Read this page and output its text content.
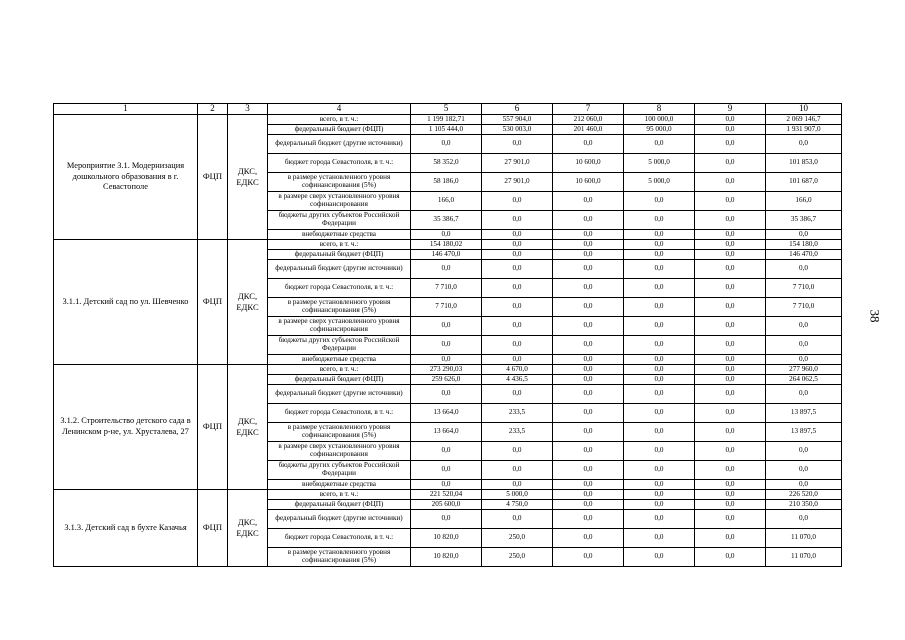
1	2	3	4	5	6	7	8	9	10
Мероприятие 3.1. Модернизация дошкольного образования в г. Севастополе	ФЦП	ДКС, ЕДКС	всего, в т. ч.:	1 199 182,71	557 904,0	212 060,0	100 000,0	0,0	2 069 146,7
			федеральный бюджет (ФЦП)	1 105 444,0	530 003,0	201 460,0	95 000,0	0,0	1 931 907,0
			федеральный бюджет (другие источники)	0,0	0,0	0,0	0,0	0,0	0,0
			бюджет города Севастополя, в т. ч.:	58 352,0	27 901,0	10 600,0	5 000,0	0,0	101 853,0
			в размере установленного уровня софинансирования (5%)	58 186,0	27 901,0	10 600,0	5 000,0	0,0	101 687,0
			в размере сверх установленного уровня софинансирования	166,0	0,0	0,0	0,0	0,0	166,0
			бюджеты других субъектов Российской Федерации	35 386,7	0,0	0,0	0,0	0,0	35 386,7
			внебюджетные средства	0,0	0,0	0,0	0,0	0,0	0,0
3.1.1. Детский сад по ул. Шевченко	ФЦП	ДКС, ЕДКС	всего, в т. ч.:	154 180,02	0,0	0,0	0,0	0,0	154 180,0
			федеральный бюджет (ФЦП)	146 470,0	0,0	0,0	0,0	0,0	146 470,0
			федеральный бюджет (другие источники)	0,0	0,0	0,0	0,0	0,0	0,0
			бюджет города Севастополя, в т. ч.:	7 710,0	0,0	0,0	0,0	0,0	7 710,0
			в размере установленного уровня софинансирования (5%)	7 710,0	0,0	0,0	0,0	0,0	7 710,0
			в размере сверх установленного уровня софинансирования	0,0	0,0	0,0	0,0	0,0	0,0
			бюджеты других субъектов Российской Федерации	0,0	0,0	0,0	0,0	0,0	0,0
			внебюджетные средства	0,0	0,0	0,0	0,0	0,0	0,0
3.1.2. Строительство детского сада в Ленинском р-не, ул. Хрусталева, 27	ФЦП	ДКС, ЕДКС	всего, в т. ч.:	273 290,03	4 670,0	0,0	0,0	0,0	277 960,0
			федеральный бюджет (ФЦП)	259 626,0	4 436,5	0,0	0,0	0,0	264 062,5
			федеральный бюджет (другие источники)	0,0	0,0	0,0	0,0	0,0	0,0
			бюджет города Севастополя, в т. ч.:	13 664,0	233,5	0,0	0,0	0,0	13 897,5
			в размере установленного уровня софинансирования (5%)	13 664,0	233,5	0,0	0,0	0,0	13 897,5
			в размере сверх установленного уровня софинансирования	0,0	0,0	0,0	0,0	0,0	0,0
			бюджеты других субъектов Российской Федерации	0,0	0,0	0,0	0,0	0,0	0,0
			внебюджетные средства	0,0	0,0	0,0	0,0	0,0	0,0
3.1.3. Детский сад в бухте Казачья	ФЦП	ДКС, ЕДКС	всего, в т. ч.:	221 520,04	5 000,0	0,0	0,0	0,0	226 520,0
			федеральный бюджет (ФЦП)	205 600,0	4 750,0	0,0	0,0	0,0	210 350,0
			федеральный бюджет (другие источники)	0,0	0,0	0,0	0,0	0,0	0,0
			бюджет города Севастополя, в т. ч.:	10 820,0	250,0	0,0	0,0	0,0	11 070,0
			в размере установленного уровня софинансирования (5%)	10 820,0	250,0	0,0	0,0	0,0	11 070,0
38
